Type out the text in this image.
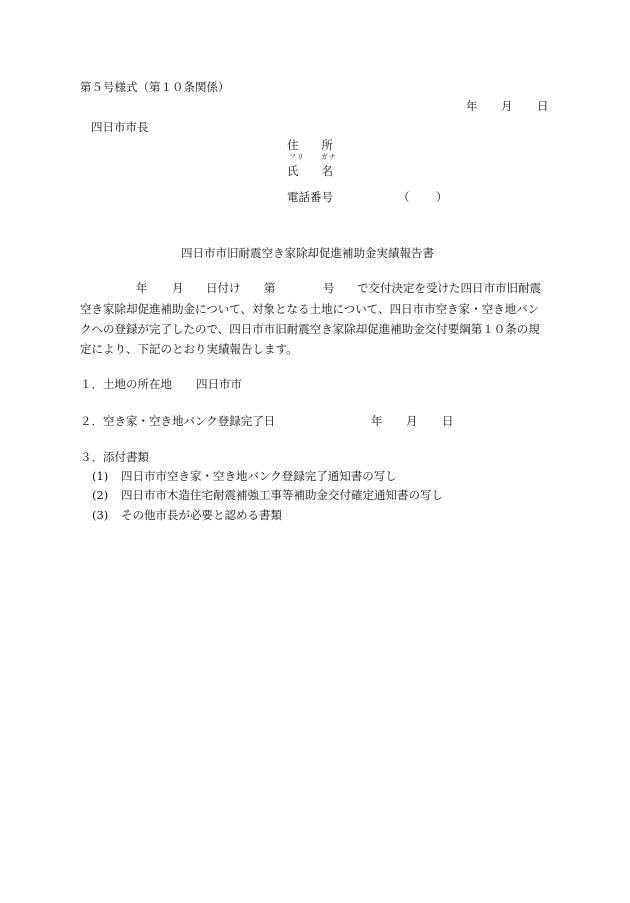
第５号様式（第１０条関係）
年 月 日
四日市市長
住　　所
フリ　　ガナ
氏　　名
電話番号	（ ）
四日市市旧耐震空き家除却促進補助金実績報告書
年 月 日付け 第	号 で交付決定を受けた四日市市旧耐震
空き家除却促進補助金について、対象となる土地について、四日市市空き家・空き地バン
クへの登録が完了したので、四日市市旧耐震空き家除却促進補助金交付要綱第１０条の規
定により、下記のとおり実績報告します。
１．土地の所在地 四日市市
２．空き家・空き地バンク登録完了日	年 月 日
３．添付書類
(1) 四日市市空き家・空き地バンク登録完了通知書の写し
(2) 四日市市木造住宅耐震補強工事等補助金交付確定通知書の写し
(3) その他市長が必要と認める書類
